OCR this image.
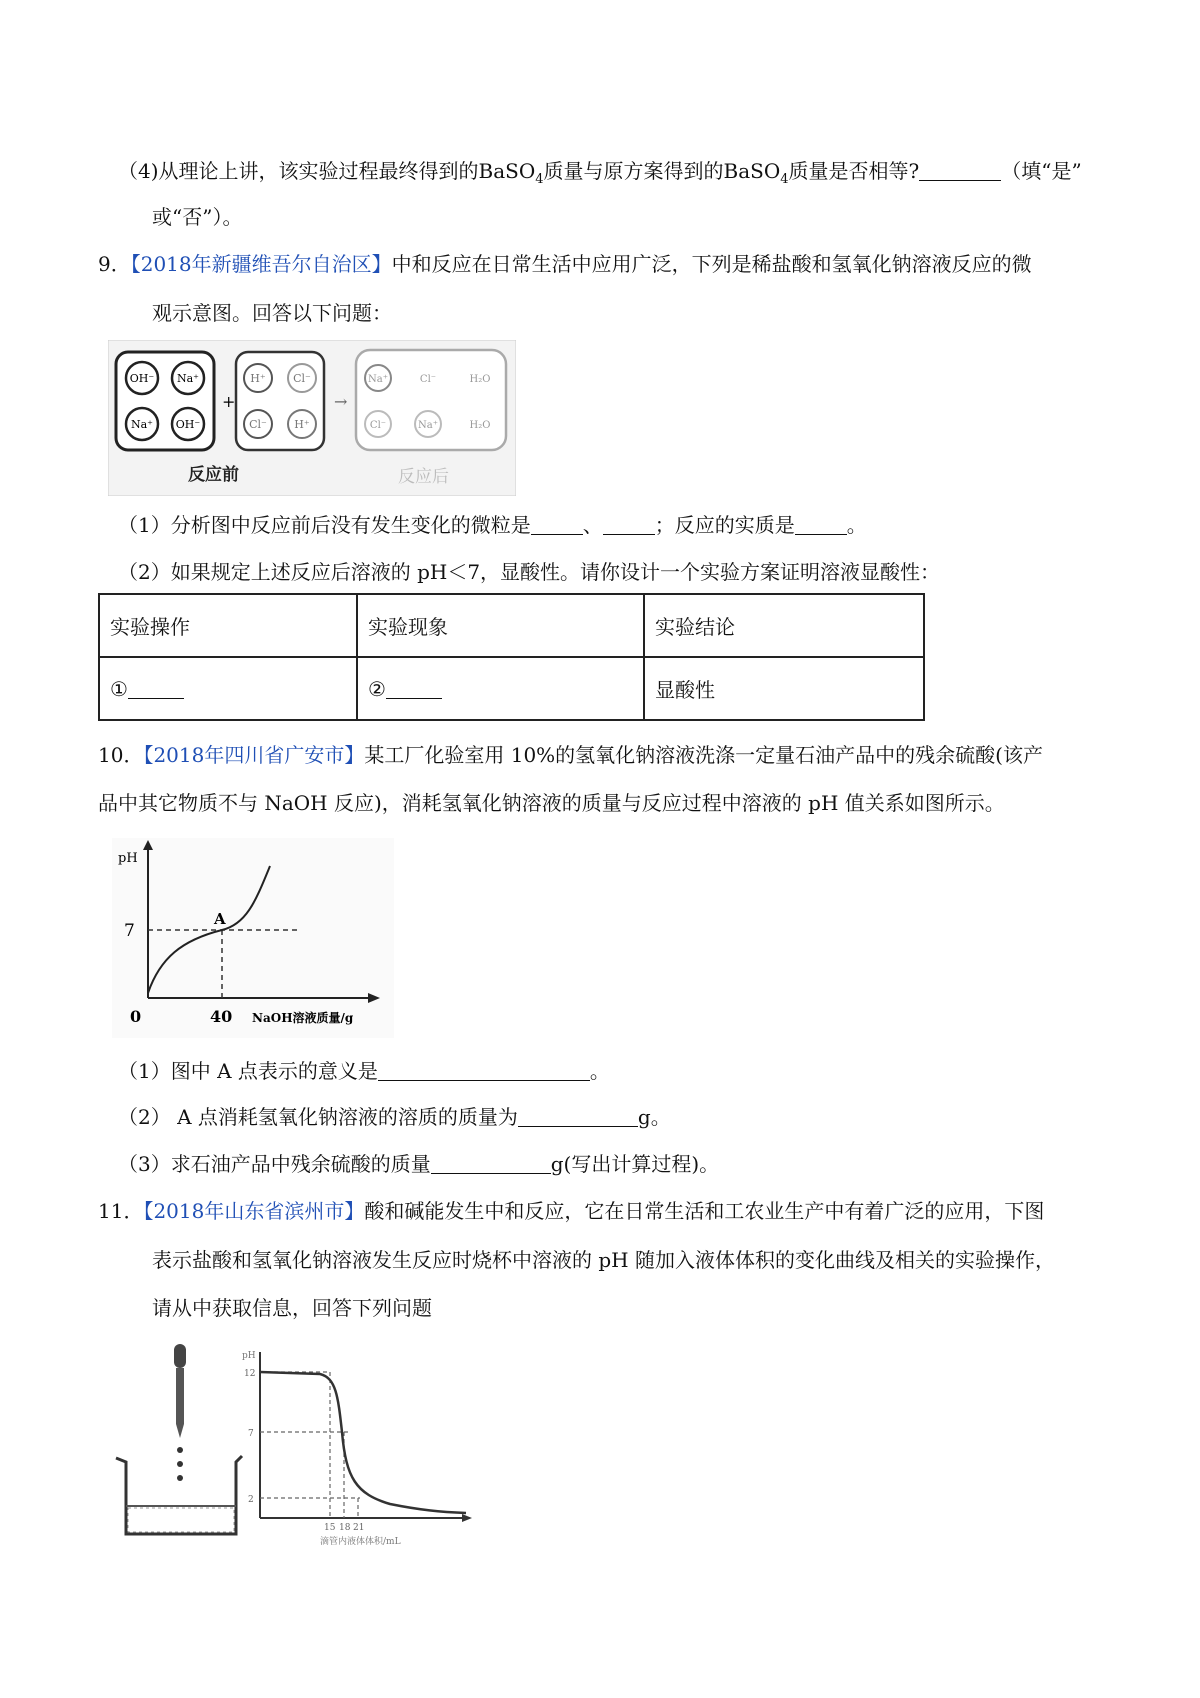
（4)从理论上讲，该实验过程最终得到的BaSO$_4$质量与原方案得到的BaSO$_4$质量是否相等?	（填“是”
或“否”）。
9．【2018年新疆维吾尔自治区】中和反应在日常生活中应用广泛，下列是稀盐酸和氢氧化钠溶液反应的微
观示意图。回答以下问题：
OH⁻ Na⁺
Na⁺ OH⁻
+
H⁺ Cl⁻
Cl⁻ H⁺
→
Na⁺	Cl⁻	H₂O
Cl⁻	Na⁺	H₂O
反应前	反应后
（1）分析图中反应前后没有发生变化的微粒是	、	；反应的实质是	。
（2）如果规定上述反应后溶液的 pH＜7，显酸性。请你设计一个实验方案证明溶液显酸性：
实验操作	实验现象	实验结论
①	②	显酸性
10．【2018年四川省广安市】某工厂化验室用 10%的氢氧化钠溶液洗涤一定量石油产品中的残余硫酸(该产
品中其它物质不与 NaOH 反应)，消耗氢氧化钠溶液的质量与反应过程中溶液的 pH 值关系如图所示。
pH
7
A
0	40 NaOH溶液质量/g
（1）图中 A 点表示的意义是	。
（2） A 点消耗氢氧化钠溶液的溶质的质量为	g。
（3）求石油产品中残余硫酸的质量	g(写出计算过程)。
11．【2018年山东省滨州市】酸和碱能发生中和反应，它在日常生活和工农业生产中有着广泛的应用，下图
表示盐酸和氢氧化钠溶液发生反应时烧杯中溶液的 pH 随加入液体体积的变化曲线及相关的实验操作，
请从中获取信息，回答下列问题
pH
12
7
2
15 18 21
滴管内液体体积/mL
